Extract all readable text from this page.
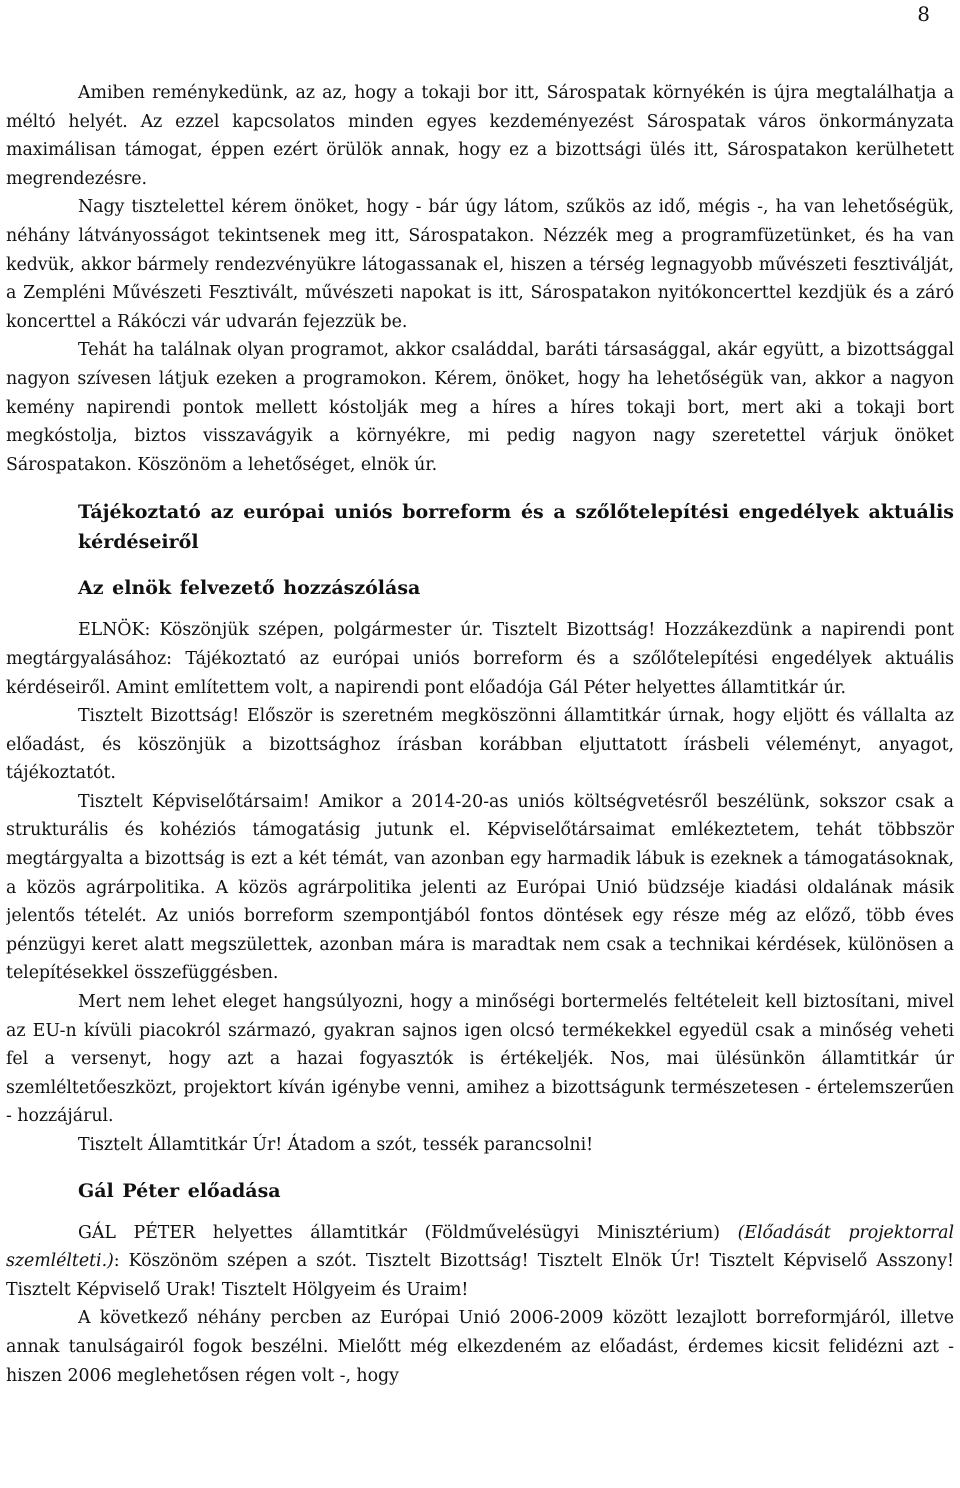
8

Amiben reménykedünk, az az, hogy a tokaji bor itt, Sárospatak környékén is újra megtalálhatja a méltó helyét. Az ezzel kapcsolatos minden egyes kezdeményezést Sárospatak város önkormányzata maximálisan támogat, éppen ezért örülök annak, hogy ez a bizottsági ülés itt, Sárospatakon kerülhetett megrendezésre.

Nagy tisztelettel kérem önöket, hogy - bár úgy látom, szűkös az idő, mégis -, ha van lehetőségük, néhány látványosságot tekintsenek meg itt, Sárospatakon. Nézzék meg a programfüzetünket, és ha van kedvük, akkor bármely rendezvényükre látogassanak el, hiszen a térség legnagyobb művészeti fesztiválját, a Zempléni Művészeti Fesztivált, művészeti napokat is itt, Sárospatakon nyitókoncerttel kezdjük és a záró koncerttel a Rákóczi vár udvarán fejezzük be.

Tehát ha találnak olyan programot, akkor családdal, baráti társasággal, akár együtt, a bizottsággal nagyon szívesen látjuk ezeken a programokon. Kérem, önöket, hogy ha lehetőségük van, akkor a nagyon kemény napirendi pontok mellett kóstolják meg a híres a híres tokaji bort, mert aki a tokaji bort megkóstolja, biztos visszavágyik a környékre, mi pedig nagyon nagy szeretettel várjuk önöket Sárospatakon. Köszönöm a lehetőséget, elnök úr.

Tájékoztató az európai uniós borreform és a szőlőtelepítési engedélyek aktuális kérdéseiről
Az elnök felvezető hozzászólása

ELNÖK: Köszönjük szépen, polgármester úr. Tisztelt Bizottság! Hozzákezdünk a napirendi pont megtárgyalásához: Tájékoztató az európai uniós borreform és a szőlőtelepítési engedélyek aktuális kérdéseiről. Amint említettem volt, a napirendi pont előadója Gál Péter helyettes államtitkár úr.

Tisztelt Bizottság! Először is szeretném megköszönni államtitkár úrnak, hogy eljött és vállalta az előadást, és köszönjük a bizottsághoz írásban korábban eljuttatott írásbeli véleményt, anyagot, tájékoztatót.

Tisztelt Képviselőtársaim! Amikor a 2014-20-as uniós költségvetésről beszélünk, sokszor csak a strukturális és kohéziós támogatásig jutunk el. Képviselőtársaimat emlékeztetem, tehát többször megtárgyalta a bizottság is ezt a két témát, van azonban egy harmadik lábuk is ezeknek a támogatásoknak, a közös agrárpolitika. A közös agrárpolitika jelenti az Európai Unió büdzséje kiadási oldalának másik jelentős tételét. Az uniós borreform szempontjából fontos döntések egy része még az előző, több éves pénzügyi keret alatt megszülettek, azonban mára is maradtak nem csak a technikai kérdések, különösen a telepítésekkel összefüggésben.

Mert nem lehet eleget hangsúlyozni, hogy a minőségi bortermelés feltételeit kell biztosítani, mivel az EU-n kívüli piacokról származó, gyakran sajnos igen olcsó termékekkel egyedül csak a minőség veheti fel a versenyt, hogy azt a hazai fogyasztók is értékeljék. Nos, mai ülésünkön államtitkár úr szemléltetőeszközt, projektort kíván igénybe venni, amihez a bizottságunk természetesen - értelemszerűen - hozzájárul.

Tisztelt Államtitkár Úr! Átadom a szót, tessék parancsolni!

Gál Péter előadása

GÁL PÉTER helyettes államtitkár (Földművelésügyi Minisztérium) (Előadását projektorral szemlélteti.): Köszönöm szépen a szót. Tisztelt Bizottság! Tisztelt Elnök Úr! Tisztelt Képviselő Asszony! Tisztelt Képviselő Urak! Tisztelt Hölgyeim és Uraim!

A következő néhány percben az Európai Unió 2006-2009 között lezajlott borreformjáról, illetve annak tanulságairól fogok beszélni. Mielőtt még elkezdeném az előadást, érdemes kicsit felidézni azt - hiszen 2006 meglehetősen régen volt -, hogy
